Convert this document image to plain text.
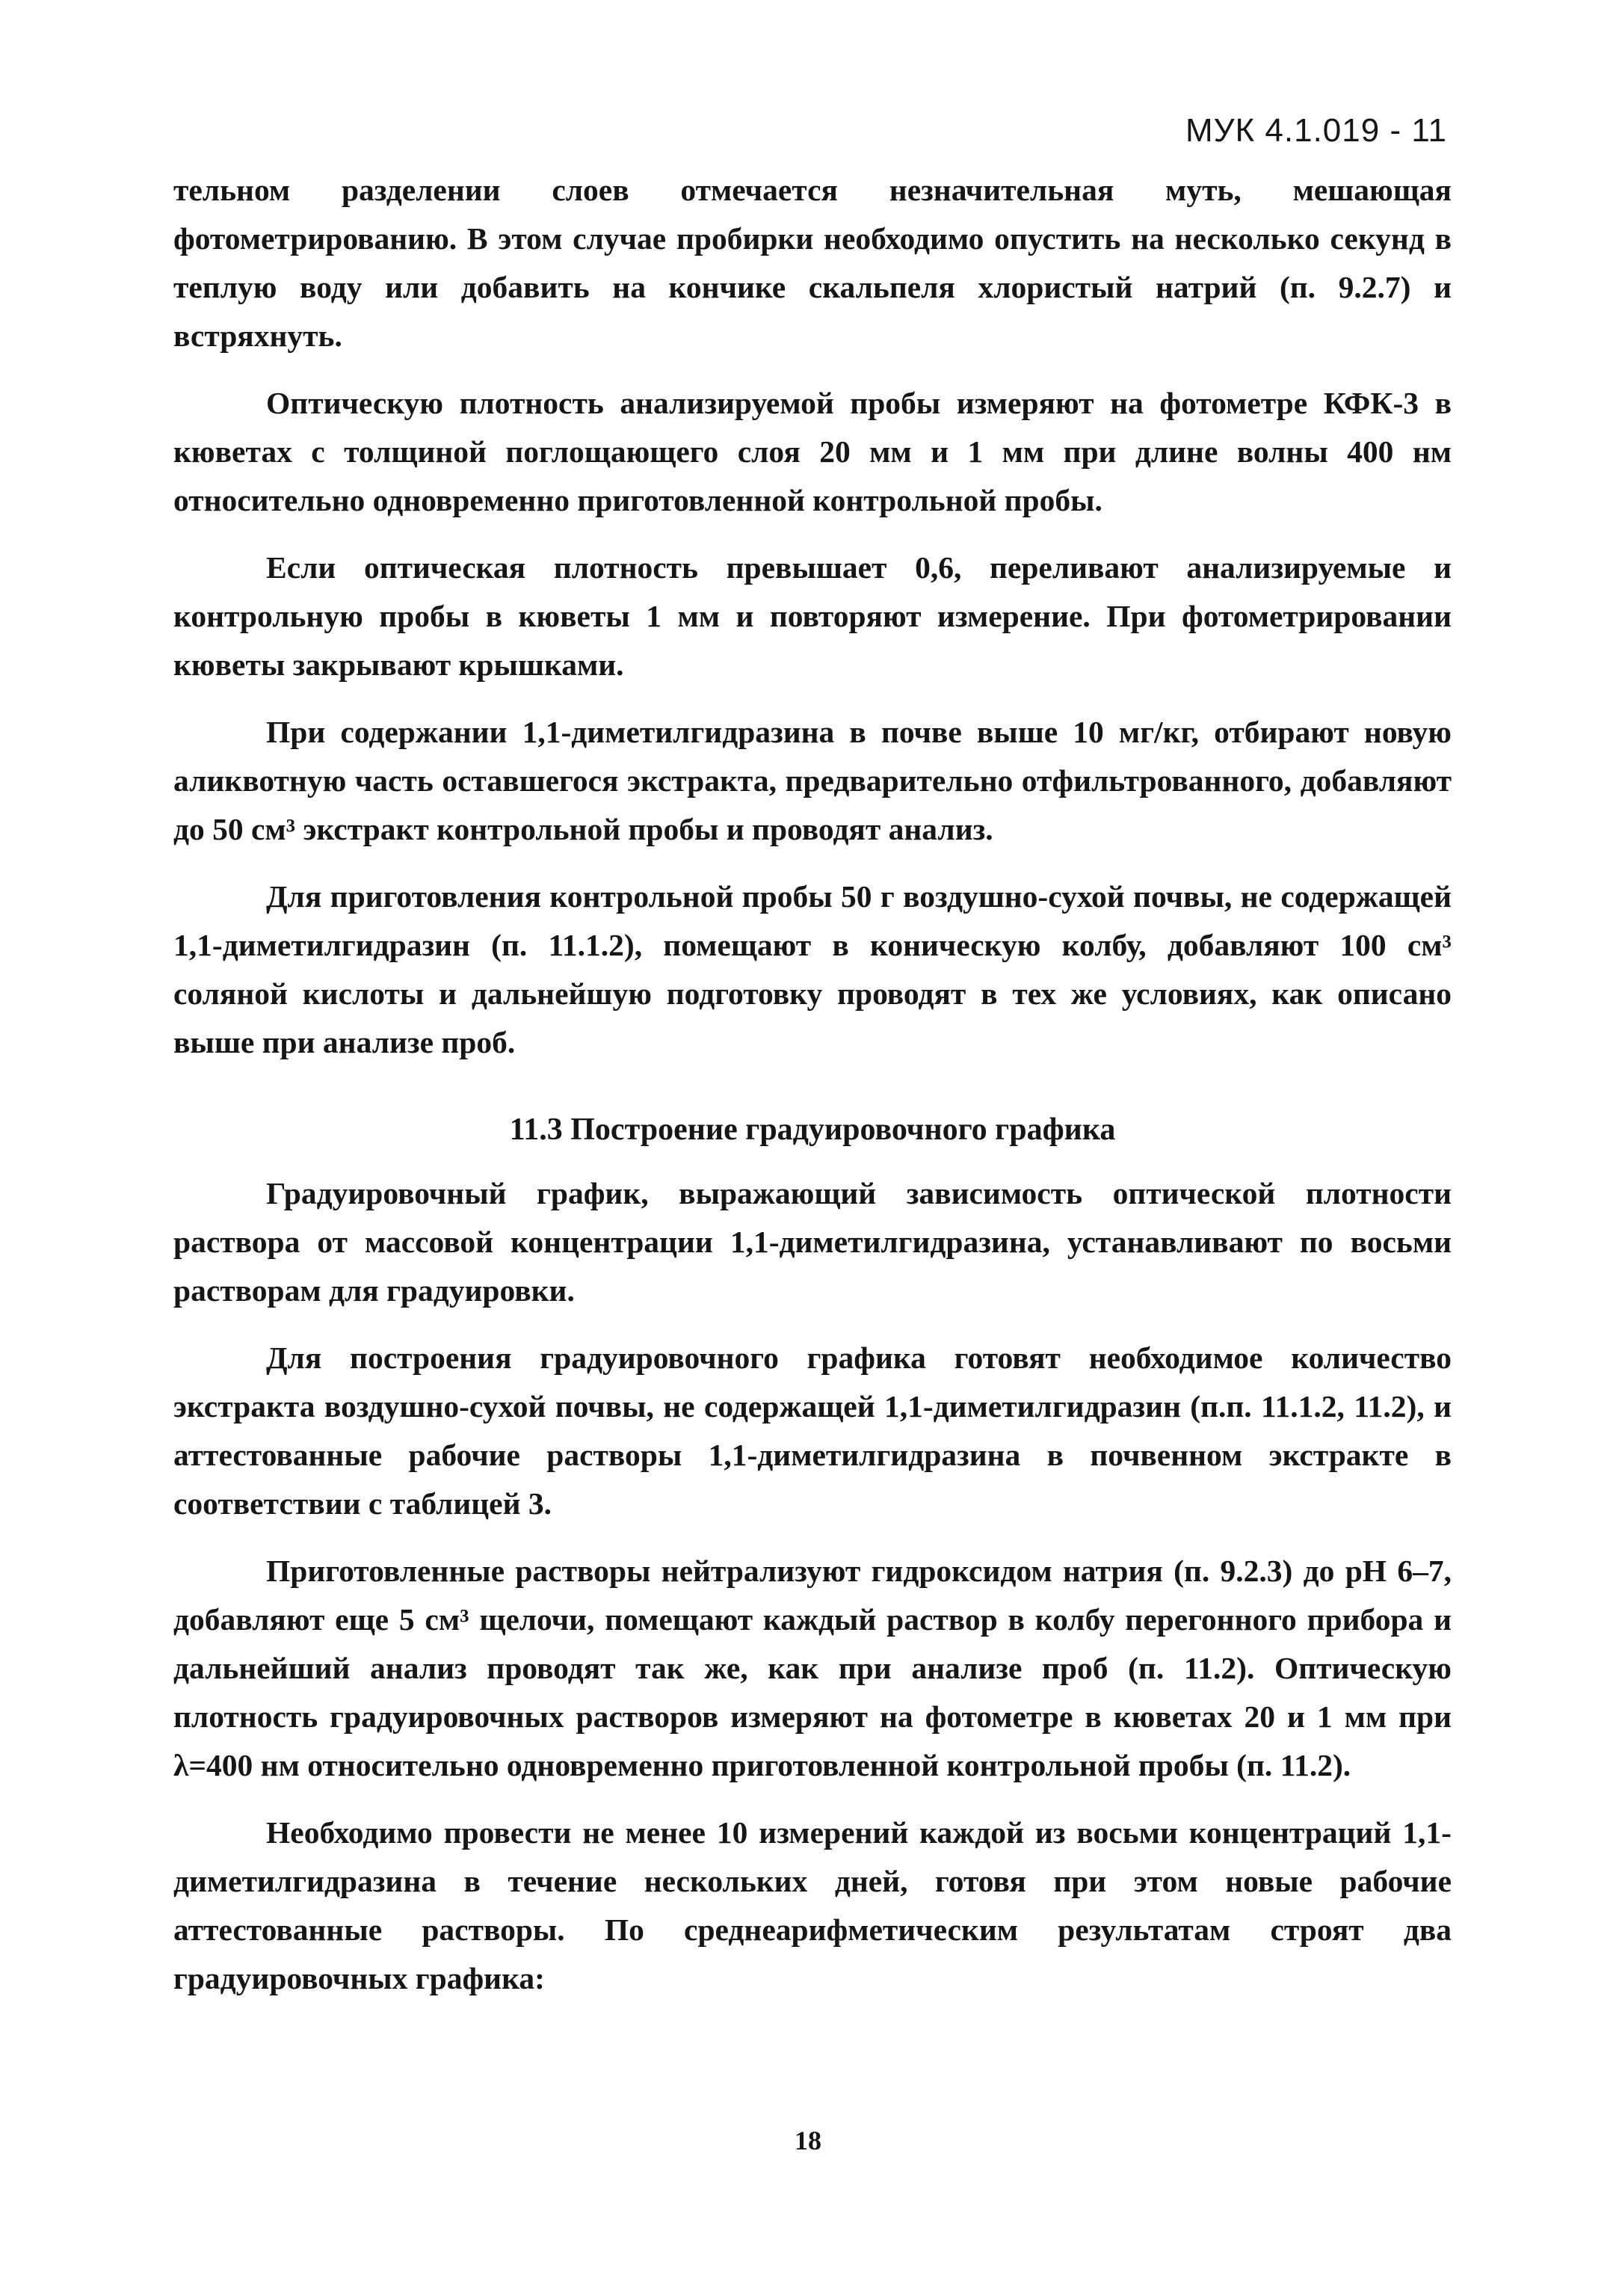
МУК 4.1.019 - 11

тельном разделении слоев отмечается незначительная муть, мешающая фотометрированию. В этом случае пробирки необходимо опустить на несколько секунд в теплую воду или добавить на кончике скальпеля хлористый натрий (п. 9.2.7) и встряхнуть.

Оптическую плотность анализируемой пробы измеряют на фотометре КФК-3 в кюветах с толщиной поглощающего слоя 20 мм и 1 мм при длине волны 400 нм относительно одновременно приготовленной контрольной пробы.

Если оптическая плотность превышает 0,6, переливают анализируемые и контрольную пробы в кюветы 1 мм и повторяют измерение. При фотометрировании кюветы закрывают крышками.

При содержании 1,1-диметилгидразина в почве выше 10 мг/кг, отбирают новую аликвотную часть оставшегося экстракта, предварительно отфильтрованного, добавляют до 50 см³ экстракт контрольной пробы и проводят анализ.

Для приготовления контрольной пробы 50 г воздушно-сухой почвы, не содержащей 1,1-диметилгидразин (п. 11.1.2), помещают в коническую колбу, добавляют 100 см³ соляной кислоты и дальнейшую подготовку проводят в тех же условиях, как описано выше при анализе проб.

11.3 Построение градуировочного графика

Градуировочный график, выражающий зависимость оптической плотности раствора от массовой концентрации 1,1-диметилгидразина, устанавливают по восьми растворам для градуировки.

Для построения градуировочного графика готовят необходимое количество экстракта воздушно-сухой почвы, не содержащей 1,1-диметилгидразин (п.п. 11.1.2, 11.2), и аттестованные рабочие растворы 1,1-диметилгидразина в почвенном экстракте в соответствии с таблицей 3.

Приготовленные растворы нейтрализуют гидроксидом натрия (п. 9.2.3) до pH 6–7, добавляют еще 5 см³ щелочи, помещают каждый раствор в колбу перегонного прибора и дальнейший анализ проводят так же, как при анализе проб (п. 11.2). Оптическую плотность градуировочных растворов измеряют на фотометре в кюветах 20 и 1 мм при λ=400 нм относительно одновременно приготовленной контрольной пробы (п. 11.2).

Необходимо провести не менее 10 измерений каждой из восьми концентраций 1,1-диметилгидразина в течение нескольких дней, готовя при этом новые рабочие аттестованные растворы. По среднеарифметическим результатам строят два градуировочных графика:

18
